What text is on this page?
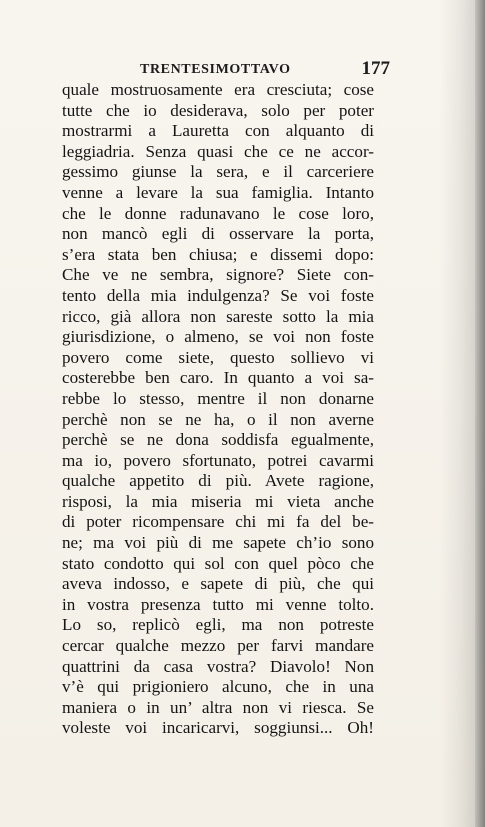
TRENTESIMOTTAVO	177
quale mostruosamente era cresciuta; cose
tutte che io desiderava, solo per poter
mostrarmi a Lauretta con alquanto di
leggiadria. Senza quasi che ce ne accor-
gessimo giunse la sera, e il carceriere
venne a levare la sua famiglia. Intanto
che le donne radunavano le cose loro,
non mancò egli di osservare la porta,
s’era stata ben chiusa; e dissemi dopo:
Che ve ne sembra, signore? Siete con-
tento della mia indulgenza? Se voi foste
ricco, già allora non sareste sotto la mia
giurisdizione, o almeno, se voi non foste
povero come siete, questo sollievo vi
costerebbe ben caro. In quanto a voi sa-
rebbe lo stesso, mentre il non donarne
perchè non se ne ha, o il non averne
perchè se ne dona soddisfa egualmente,
ma io, povero sfortunato, potrei cavarmi
qualche appetito di più. Avete ragione,
risposi, la mia miseria mi vieta anche
di poter ricompensare chi mi fa del be-
ne; ma voi più di me sapete ch’io sono
stato condotto qui sol con quel pòco che
aveva indosso, e sapete di più, che qui
in vostra presenza tutto mi venne tolto.
Lo so, replicò egli, ma non potreste
cercar qualche mezzo per farvi mandare
quattrini da casa vostra? Diavolo! Non
v’è qui prigioniero alcuno, che in una
maniera o in un’ altra non vi riesca. Se
voleste voi incaricarvi, soggiunsi... Oh!
